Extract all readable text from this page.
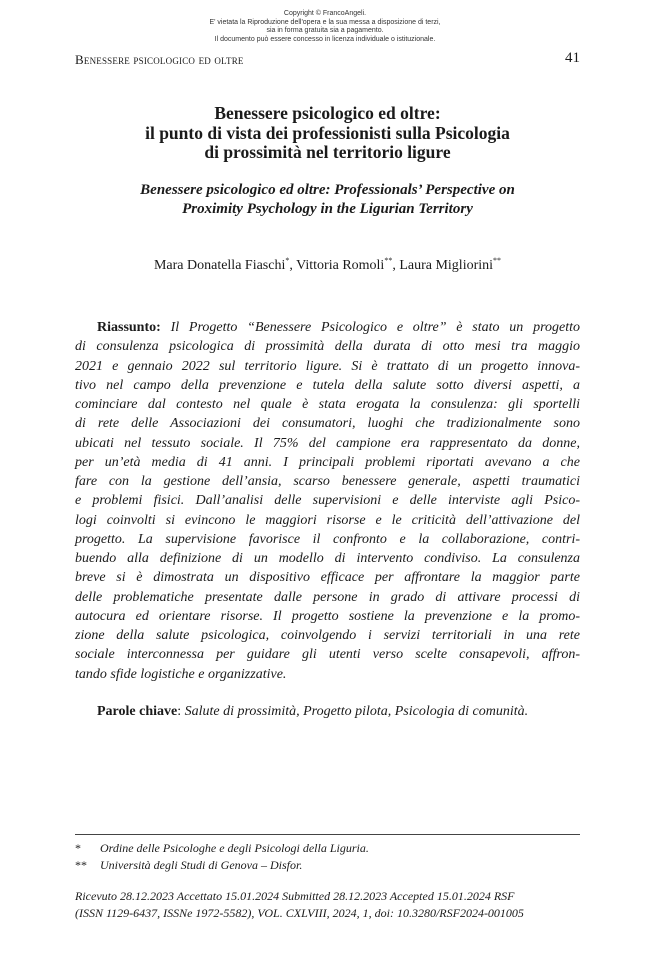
Copyright © FrancoAngeli.
E' vietata la Riproduzione dell'opera e la sua messa a disposizione di terzi,
sia in forma gratuita sia a pagamento.
Il documento può essere concesso in licenza individuale o istituzionale.
Benessere psicologico ed oltre	41
Benessere psicologico ed oltre:
il punto di vista dei professionisti sulla Psicologia
di prossimità nel territorio ligure
Benessere psicologico ed oltre: Professionals’ Perspective on
Proximity Psychology in the Ligurian Territory
Mara Donatella Fiaschi*, Vittoria Romoli**, Laura Migliorini**
Riassunto: Il Progetto “Benessere Psicologico e oltre” è stato un progetto
di consulenza psicologica di prossimità della durata di otto mesi tra maggio
2021 e gennaio 2022 sul territorio ligure. Si è trattato di un progetto innova-
tivo nel campo della prevenzione e tutela della salute sotto diversi aspetti, a
cominciare dal contesto nel quale è stata erogata la consulenza: gli sportelli
di rete delle Associazioni dei consumatori, luoghi che tradizionalmente sono
ubicati nel tessuto sociale. Il 75% del campione era rappresentato da donne,
per un’età media di 41 anni. I principali problemi riportati avevano a che
fare con la gestione dell’ansia, scarso benessere generale, aspetti traumatici
e problemi fisici. Dall’analisi delle supervisioni e delle interviste agli Psico-
logi coinvolti si evincono le maggiori risorse e le criticità dell’attivazione del
progetto. La supervisione favorisce il confronto e la collaborazione, contri-
buendo alla definizione di un modello di intervento condiviso. La consulenza
breve si è dimostrata un dispositivo efficace per affrontare la maggior parte
delle problematiche presentate dalle persone in grado di attivare processi di
autocura ed orientare risorse. Il progetto sostiene la prevenzione e la promo-
zione della salute psicologica, coinvolgendo i servizi territoriali in una rete
sociale interconnessa per guidare gli utenti verso scelte consapevoli, affron-
tando sfide logistiche e organizzative.
Parole chiave: Salute di prossimità, Progetto pilota, Psicologia di comunità.
* Ordine delle Psicologhe e degli Psicologi della Liguria.
** Università degli Studi di Genova – Disfor.
Ricevuto 28.12.2023 Accettato 15.01.2024 Submitted 28.12.2023 Accepted 15.01.2024 RSF
(ISSN 1129-6437, ISSNe 1972-5582), VOL. CXLVIII, 2024, 1, doi: 10.3280/RSF2024-001005
